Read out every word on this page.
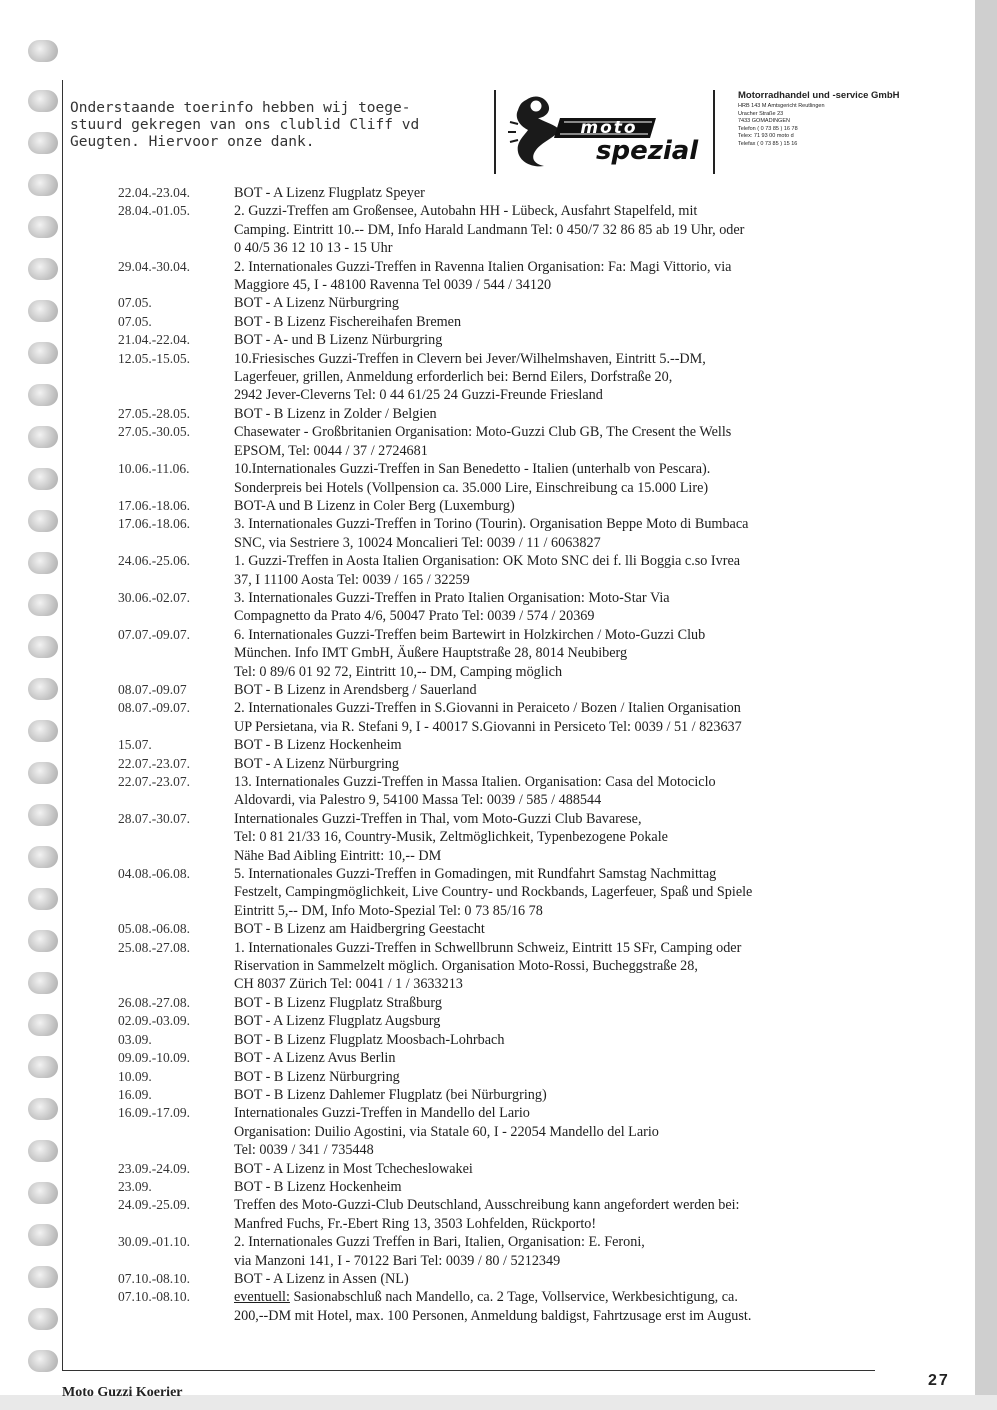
Onderstaande toerinfo hebben wij toege-
stuurd gekregen van ons clublid Cliff vd
Geugten. Hiervoor onze dank.
moto
spezial
Motorradhandel und -service GmbH
HRB 143 M Amtsgericht Reutlingen
Uracher Straße 23
7433 GOMADINGEN
Telefon ( 0 73 85 ) 16 78
Telex: 71 93 00 moto d
Telefax ( 0 73 85 ) 15 16
22.04.-23.04.	BOT - A Lizenz Flugplatz Speyer
28.04.-01.05.	2. Guzzi-Treffen am Großensee, Autobahn HH - Lübeck, Ausfahrt Stapelfeld, mit
Camping. Eintritt 10.-- DM, Info Harald Landmann Tel: 0 450/7 32 86 85 ab 19 Uhr, oder
0 40/5 36 12 10 13 - 15 Uhr
29.04.-30.04.	2. Internationales Guzzi-Treffen in Ravenna Italien Organisation: Fa: Magi Vittorio, via
Maggiore 45, I - 48100 Ravenna Tel 0039 / 544 / 34120
07.05.	BOT - A Lizenz Nürburgring
07.05.	BOT - B Lizenz Fischereihafen Bremen
21.04.-22.04.	BOT - A- und B Lizenz Nürburgring
12.05.-15.05.	10.Friesisches Guzzi-Treffen in Clevern bei Jever/Wilhelmshaven, Eintritt 5.--DM,
Lagerfeuer, grillen, Anmeldung erforderlich bei: Bernd Eilers, Dorfstraße 20,
2942 Jever-Cleverns Tel: 0 44 61/25 24 Guzzi-Freunde Friesland
27.05.-28.05.	BOT - B Lizenz in Zolder / Belgien
27.05.-30.05.	Chasewater - Großbritanien Organisation: Moto-Guzzi Club GB, The Cresent the Wells
EPSOM, Tel: 0044 / 37 / 2724681
10.06.-11.06.	10.Internationales Guzzi-Treffen in San Benedetto - Italien (unterhalb von Pescara).
Sonderpreis bei Hotels (Vollpension ca. 35.000 Lire, Einschreibung ca 15.000 Lire)
17.06.-18.06.	BOT-A und B Lizenz in Coler Berg (Luxemburg)
17.06.-18.06.	3. Internationales Guzzi-Treffen in Torino (Tourin). Organisation Beppe Moto di Bumbaca
SNC, via Sestriere 3, 10024 Moncalieri Tel: 0039 / 11 / 6063827
24.06.-25.06.	1. Guzzi-Treffen in Aosta Italien Organisation: OK Moto SNC dei f. lli Boggia c.so Ivrea
37, I 11100 Aosta Tel: 0039 / 165 / 32259
30.06.-02.07.	3. Internationales Guzzi-Treffen in Prato Italien Organisation: Moto-Star Via
Compagnetto da Prato 4/6, 50047 Prato Tel: 0039 / 574 / 20369
07.07.-09.07.	6. Internationales Guzzi-Treffen beim Bartewirt in Holzkirchen / Moto-Guzzi Club
München. Info IMT GmbH, Äußere Hauptstraße 28, 8014 Neubiberg
Tel: 0 89/6 01 92 72, Eintritt 10,-- DM, Camping möglich
08.07.-09.07	BOT - B Lizenz in Arendsberg / Sauerland
08.07.-09.07.	2. Internationales Guzzi-Treffen in S.Giovanni in Peraiceto / Bozen / Italien Organisation
UP Persietana, via R. Stefani 9, I - 40017 S.Giovanni in Persiceto Tel: 0039 / 51 / 823637
15.07.	BOT - B Lizenz Hockenheim
22.07.-23.07.	BOT - A Lizenz Nürburgring
22.07.-23.07.	13. Internationales Guzzi-Treffen in Massa Italien. Organisation: Casa del Motociclo
Aldovardi, via Palestro 9, 54100 Massa Tel: 0039 / 585 / 488544
28.07.-30.07.	Internationales Guzzi-Treffen in Thal, vom Moto-Guzzi Club Bavarese,
Tel: 0 81 21/33 16, Country-Musik, Zeltmöglichkeit, Typenbezogene Pokale
Nähe Bad Aibling Eintritt: 10,-- DM
04.08.-06.08.	5. Internationales Guzzi-Treffen in Gomadingen, mit Rundfahrt Samstag Nachmittag
Festzelt, Campingmöglichkeit, Live Country- und Rockbands, Lagerfeuer, Spaß und Spiele
Eintritt 5,-- DM, Info Moto-Spezial Tel: 0 73 85/16 78
05.08.-06.08.	BOT - B Lizenz am Haidbergring Geestacht
25.08.-27.08.	1. Internationales Guzzi-Treffen in Schwellbrunn Schweiz, Eintritt 15 SFr, Camping oder
Riservation in Sammelzelt möglich. Organisation Moto-Rossi, Bucheggstraße 28,
CH 8037 Zürich Tel: 0041 / 1 / 3633213
26.08.-27.08.	BOT - B Lizenz Flugplatz Straßburg
02.09.-03.09.	BOT - A Lizenz Flugplatz Augsburg
03.09.	BOT - B Lizenz Flugplatz Moosbach-Lohrbach
09.09.-10.09.	BOT - A Lizenz Avus Berlin
10.09.	BOT - B Lizenz Nürburgring
16.09.	BOT - B Lizenz Dahlemer Flugplatz (bei Nürburgring)
16.09.-17.09.	Internationales Guzzi-Treffen in Mandello del Lario
Organisation: Duilio Agostini, via Statale 60, I - 22054 Mandello del Lario
Tel: 0039 / 341 / 735448
23.09.-24.09.	BOT - A Lizenz in Most Tchecheslowakei
23.09.	BOT - B Lizenz Hockenheim
24.09.-25.09.	Treffen des Moto-Guzzi-Club Deutschland, Ausschreibung kann angefordert werden bei:
Manfred Fuchs, Fr.-Ebert Ring 13, 3503 Lohfelden, Rückporto!
30.09.-01.10.	2. Internationales Guzzi Treffen in Bari, Italien, Organisation: E. Feroni,
via Manzoni 141, I - 70122 Bari Tel: 0039 / 80 / 5212349
07.10.-08.10.	BOT - A Lizenz in Assen (NL)
07.10.-08.10.	eventuell: Sasionabschluß nach Mandello, ca. 2 Tage, Vollservice, Werkbesichtigung, ca.
200,--DM mit Hotel, max. 100 Personen, Anmeldung baldigst, Fahrtzusage erst im August.
Moto Guzzi Koerier
27
